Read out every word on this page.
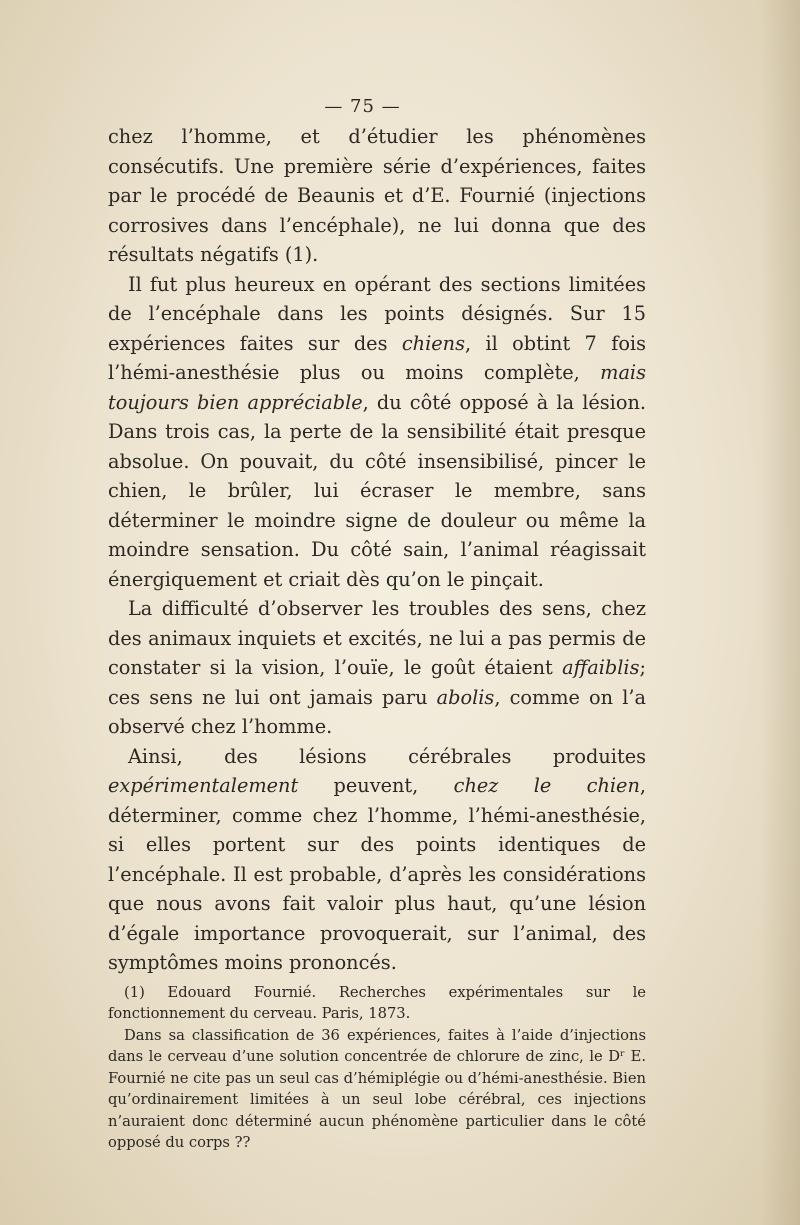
— 75 —

chez l’homme, et d’étudier les phénomènes consécutifs. Une première série d’expériences, faites par le procédé de Beaunis et d’E. Fournié (injections corrosives dans l’encéphale), ne lui donna que des résultats négatifs (1).

Il fut plus heureux en opérant des sections limitées de l’encéphale dans les points désignés. Sur 15 expériences faites sur des chiens, il obtint 7 fois l’hémi-anesthésie plus ou moins complète, mais toujours bien appréciable, du côté opposé à la lésion. Dans trois cas, la perte de la sensibilité était presque absolue. On pouvait, du côté insensibilisé, pincer le chien, le brûler, lui écraser le membre, sans déterminer le moindre signe de douleur ou même la moindre sensation. Du côté sain, l’animal réagissait énergiquement et criait dès qu’on le pinçait.

La difficulté d’observer les troubles des sens, chez des animaux inquiets et excités, ne lui a pas permis de constater si la vision, l’ouïe, le goût étaient affaiblis; ces sens ne lui ont jamais paru abolis, comme on l’a observé chez l’homme.

Ainsi, des lésions cérébrales produites expérimentalement peuvent, chez le chien, déterminer, comme chez l’homme, l’hémi-anesthésie, si elles portent sur des points identiques de l’encéphale. Il est probable, d’après les considérations que nous avons fait valoir plus haut, qu’une lésion d’égale importance provoquerait, sur l’animal, des symptômes moins prononcés.

(1) Edouard Fournié. Recherches expérimentales sur le fonctionnement du cerveau. Paris, 1873.

Dans sa classification de 36 expériences, faites à l’aide d’injections dans le cerveau d’une solution concentrée de chlorure de zinc, le Dʳ E. Fournié ne cite pas un seul cas d’hémiplégie ou d’hémi-anesthésie. Bien qu’ordinairement limitées à un seul lobe cérébral, ces injections n’auraient donc déterminé aucun phénomène particulier dans le côté opposé du corps ??
